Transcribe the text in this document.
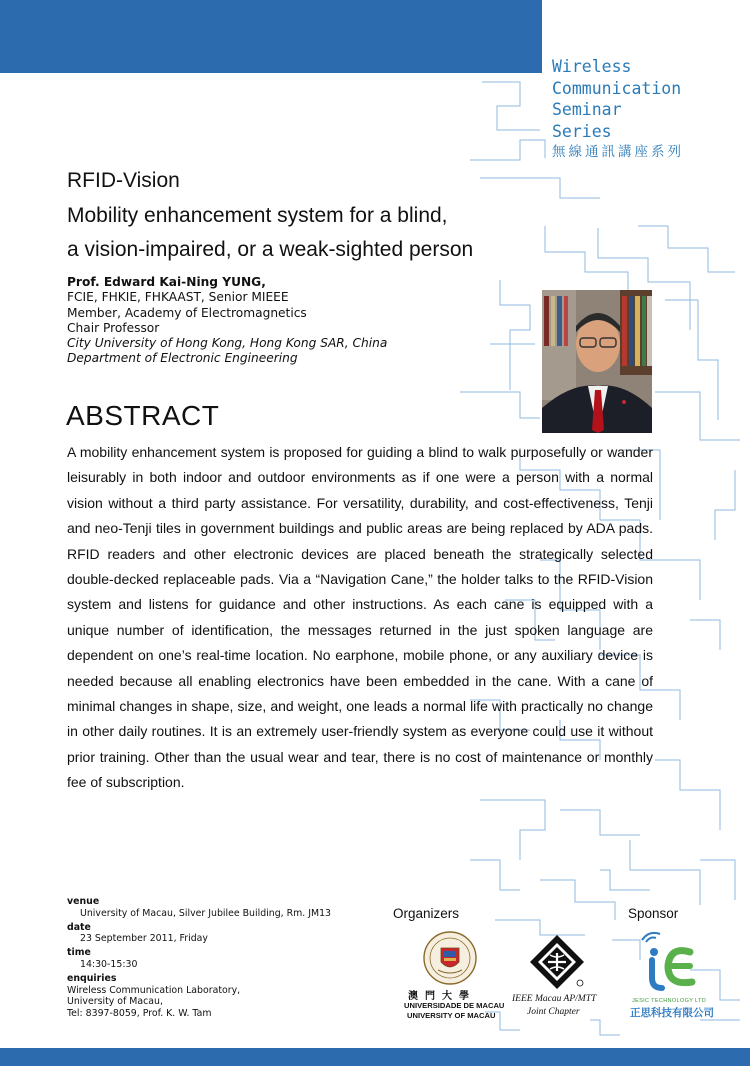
Wireless
Communication
Seminar
Series
無線通訊講座系列
RFID-Vision
Mobility enhancement system for a blind,
a vision-impaired, or a weak-sighted person
Prof. Edward Kai-Ning YUNG,
FCIE, FHKIE, FHKAAST, Senior MIEEE
Member, Academy of Electromagnetics
Chair Professor
City University of Hong Kong, Hong Kong SAR, China
Department of Electronic Engineering
ABSTRACT

A mobility enhancement system is proposed for guiding a blind to walk purposefully or wander leisurably in both indoor and outdoor environments as if one were a person with a normal vision without a third party assistance. For versatility, durability, and cost-effectiveness, Tenji and neo-Tenji tiles in government buildings and public areas are being replaced by ADA pads. RFID readers and other electronic devices are placed beneath the strategically selected double-decked replaceable pads. Via a “Navigation Cane,” the holder talks to the RFID-Vision system and listens for guidance and other instructions. As each cane is equipped with a unique number of identification, the messages returned in the just spoken language are dependent on one’s real-time location. No earphone, mobile phone, or any auxiliary device is needed because all enabling electronics have been embedded in the cane. With a cane of minimal changes in shape, size, and weight, one leads a normal life with practically no change in other daily routines. It is an extremely user-friendly system as everyone could use it without prior training. Other than the usual wear and tear, there is no cost of maintenance or monthly fee of subscription.

venue
University of Macau, Silver Jubilee Building, Rm. JM13
date
23 September 2011, Friday
time
14:30-15:30
enquiries
Wireless Communication Laboratory,
University of Macau,
Tel: 8397-8059, Prof. K. W. Tam
Organizers	Sponsor
澳門大學
UNIVERSIDADE DE MACAU
UNIVERSITY OF MACAU
IEEE Macau AP/MTT
Joint Chapter
JESIC TECHNOLOGY LTD
正思科技有限公司
